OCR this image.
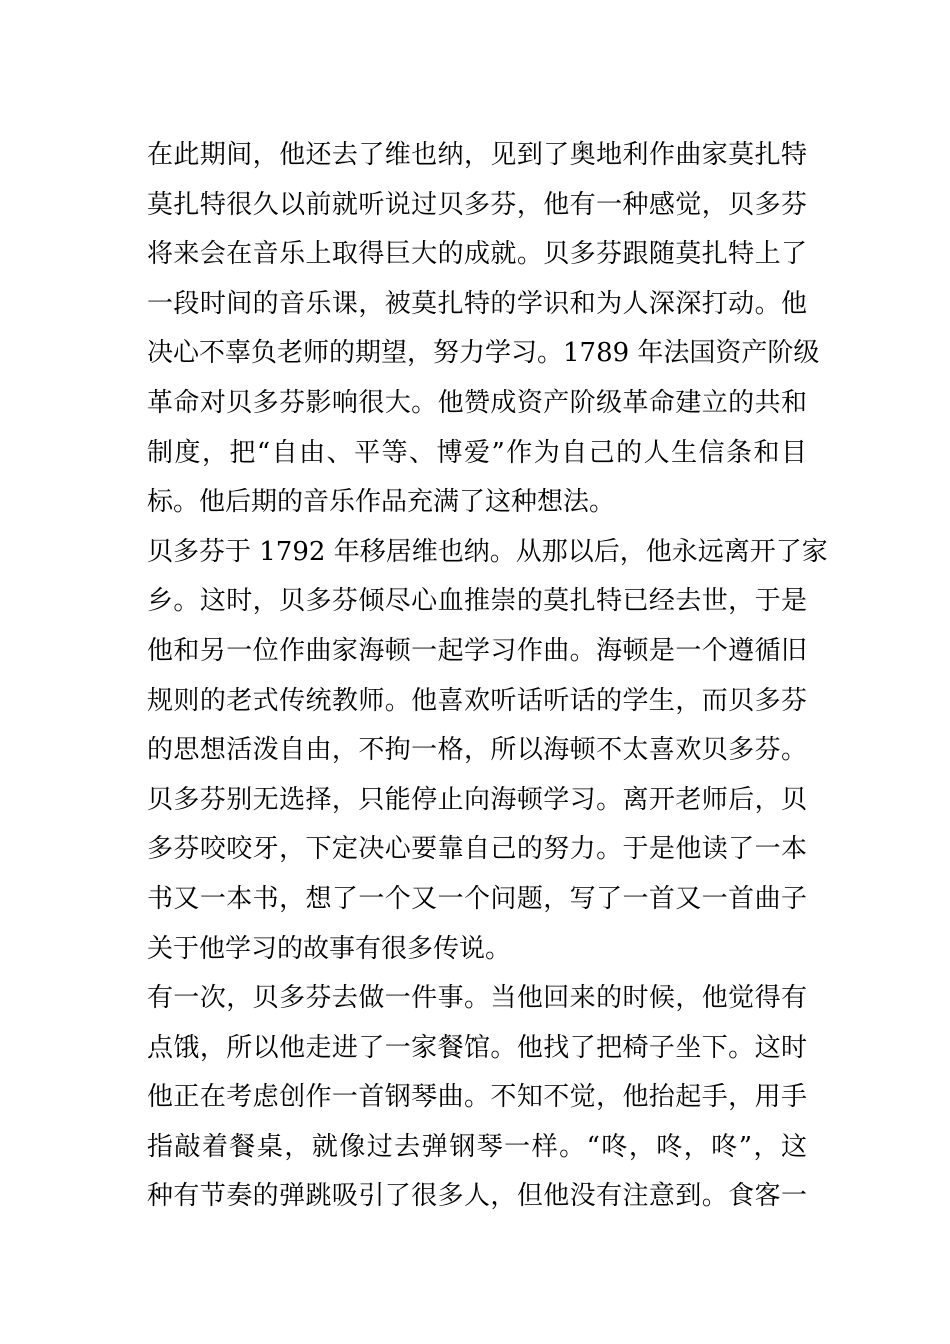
在此期间，他还去了维也纳，见到了奥地利作曲家莫扎特
莫扎特很久以前就听说过贝多芬，他有一种感觉，贝多芬
将来会在音乐上取得巨大的成就。贝多芬跟随莫扎特上了
一段时间的音乐课，被莫扎特的学识和为人深深打动。他
决心不辜负老师的期望，努力学习。1789 年法国资产阶级
革命对贝多芬影响很大。他赞成资产阶级革命建立的共和
制度，把“自由、平等、博爱”作为自己的人生信条和目
标。他后期的音乐作品充满了这种想法。
贝多芬于 1792 年移居维也纳。从那以后，他永远离开了家
乡。这时，贝多芬倾尽心血推崇的莫扎特已经去世，于是
他和另一位作曲家海顿一起学习作曲。海顿是一个遵循旧
规则的老式传统教师。他喜欢听话听话的学生，而贝多芬
的思想活泼自由，不拘一格，所以海顿不太喜欢贝多芬。
贝多芬别无选择，只能停止向海顿学习。离开老师后，贝
多芬咬咬牙，下定决心要靠自己的努力。于是他读了一本
书又一本书，想了一个又一个问题，写了一首又一首曲子
关于他学习的故事有很多传说。
有一次，贝多芬去做一件事。当他回来的时候，他觉得有
点饿，所以他走进了一家餐馆。他找了把椅子坐下。这时
他正在考虑创作一首钢琴曲。不知不觉，他抬起手，用手
指敲着餐桌，就像过去弹钢琴一样。“咚，咚，咚”，这
种有节奏的弹跳吸引了很多人，但他没有注意到。食客一
